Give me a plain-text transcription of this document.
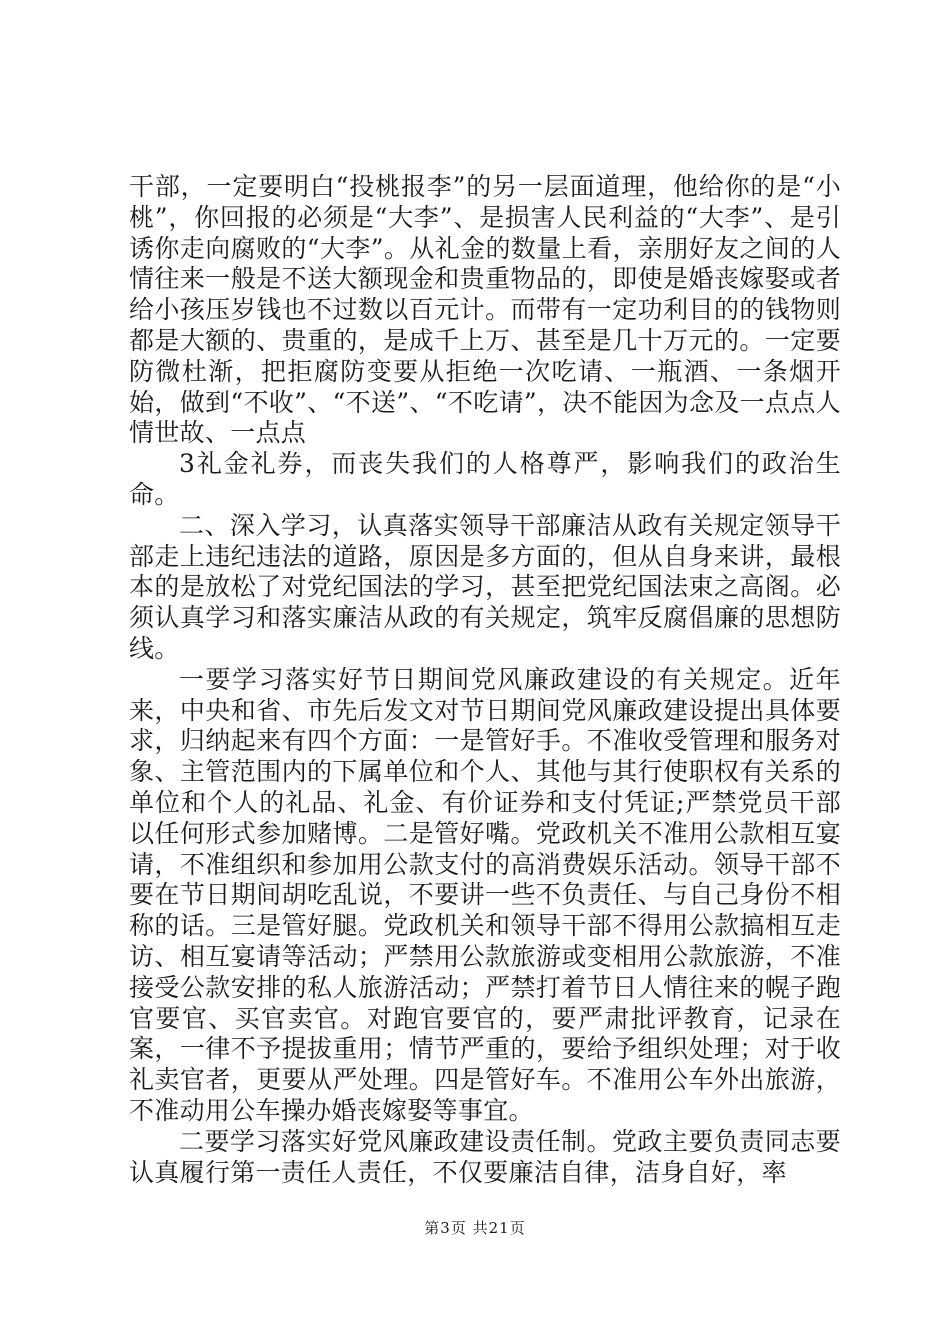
干部，一定要明白“投桃报李”的另一层面道理，他给你的是“小桃”，你回报的必须是“大李”、是损害人民利益的“大李”、是引诱你走向腐败的“大李”。从礼金的数量上看，亲朋好友之间的人情往来一般是不送大额现金和贵重物品的，即使是婚丧嫁娶或者给小孩压岁钱也不过数以百元计。而带有一定功利目的的钱物则都是大额的、贵重的，是成千上万、甚至是几十万元的。一定要防微杜渐，把拒腐防变要从拒绝一次吃请、一瓶酒、一条烟开始，做到“不收”、“不送”、“不吃请”，决不能因为念及一点点人情世故、一点点

3礼金礼券，而丧失我们的人格尊严，影响我们的政治生命。

二、深入学习，认真落实领导干部廉洁从政有关规定领导干部走上违纪违法的道路，原因是多方面的，但从自身来讲，最根本的是放松了对党纪国法的学习，甚至把党纪国法束之高阁。必须认真学习和落实廉洁从政的有关规定，筑牢反腐倡廉的思想防线。

一要学习落实好节日期间党风廉政建设的有关规定。近年来，中央和省、市先后发文对节日期间党风廉政建设提出具体要求，归纳起来有四个方面：一是管好手。不准收受管理和服务对象、主管范围内的下属单位和个人、其他与其行使职权有关系的单位和个人的礼品、礼金、有价证券和支付凭证;严禁党员干部以任何形式参加赌博。二是管好嘴。党政机关不准用公款相互宴请，不准组织和参加用公款支付的高消费娱乐活动。领导干部不要在节日期间胡吃乱说，不要讲一些不负责任、与自己身份不相称的话。三是管好腿。党政机关和领导干部不得用公款搞相互走访、相互宴请等活动；严禁用公款旅游或变相用公款旅游，不准接受公款安排的私人旅游活动；严禁打着节日人情往来的幌子跑官要官、买官卖官。对跑官要官的，要严肃批评教育，记录在案，一律不予提拔重用；情节严重的，要给予组织处理；对于收礼卖官者，更要从严处理。四是管好车。不准用公车外出旅游，不准动用公车操办婚丧嫁娶等事宜。

二要学习落实好党风廉政建设责任制。党政主要负责同志要认真履行第一责任人责任，不仅要廉洁自律，洁身自好，率

第3页 共21页
